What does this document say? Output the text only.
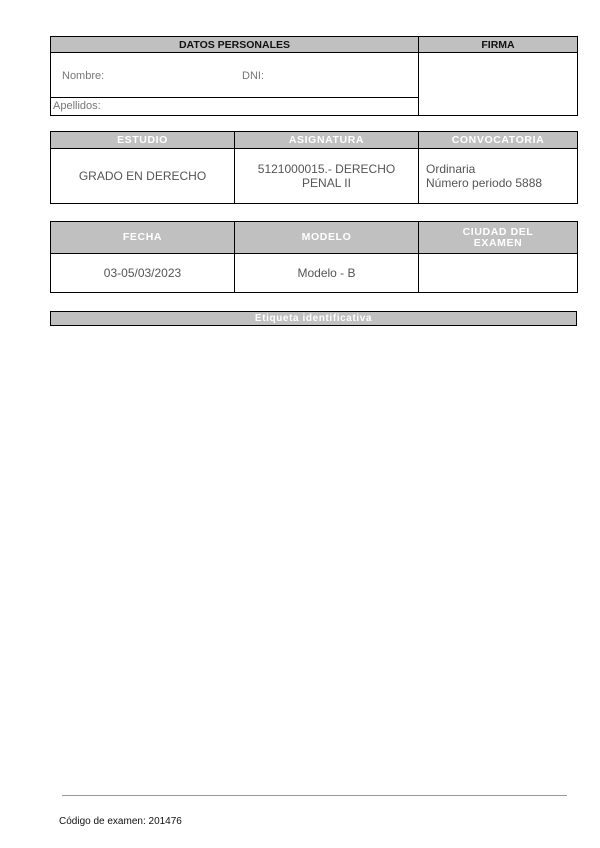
DATOS PERSONALES	FIRMA

Nombre: DNI:
Apellidos:	

ESTUDIO	ASIGNATURA	CONVOCATORIA
GRADO EN DERECHO	5121000015.- DERECHO PENAL II	Ordinaria
Número periodo 5888
FECHA	MODELO	CIUDAD DEL EXAMEN
03-05/03/2023	Modelo - B	
Etiqueta identificativa
Código de examen: 201476
